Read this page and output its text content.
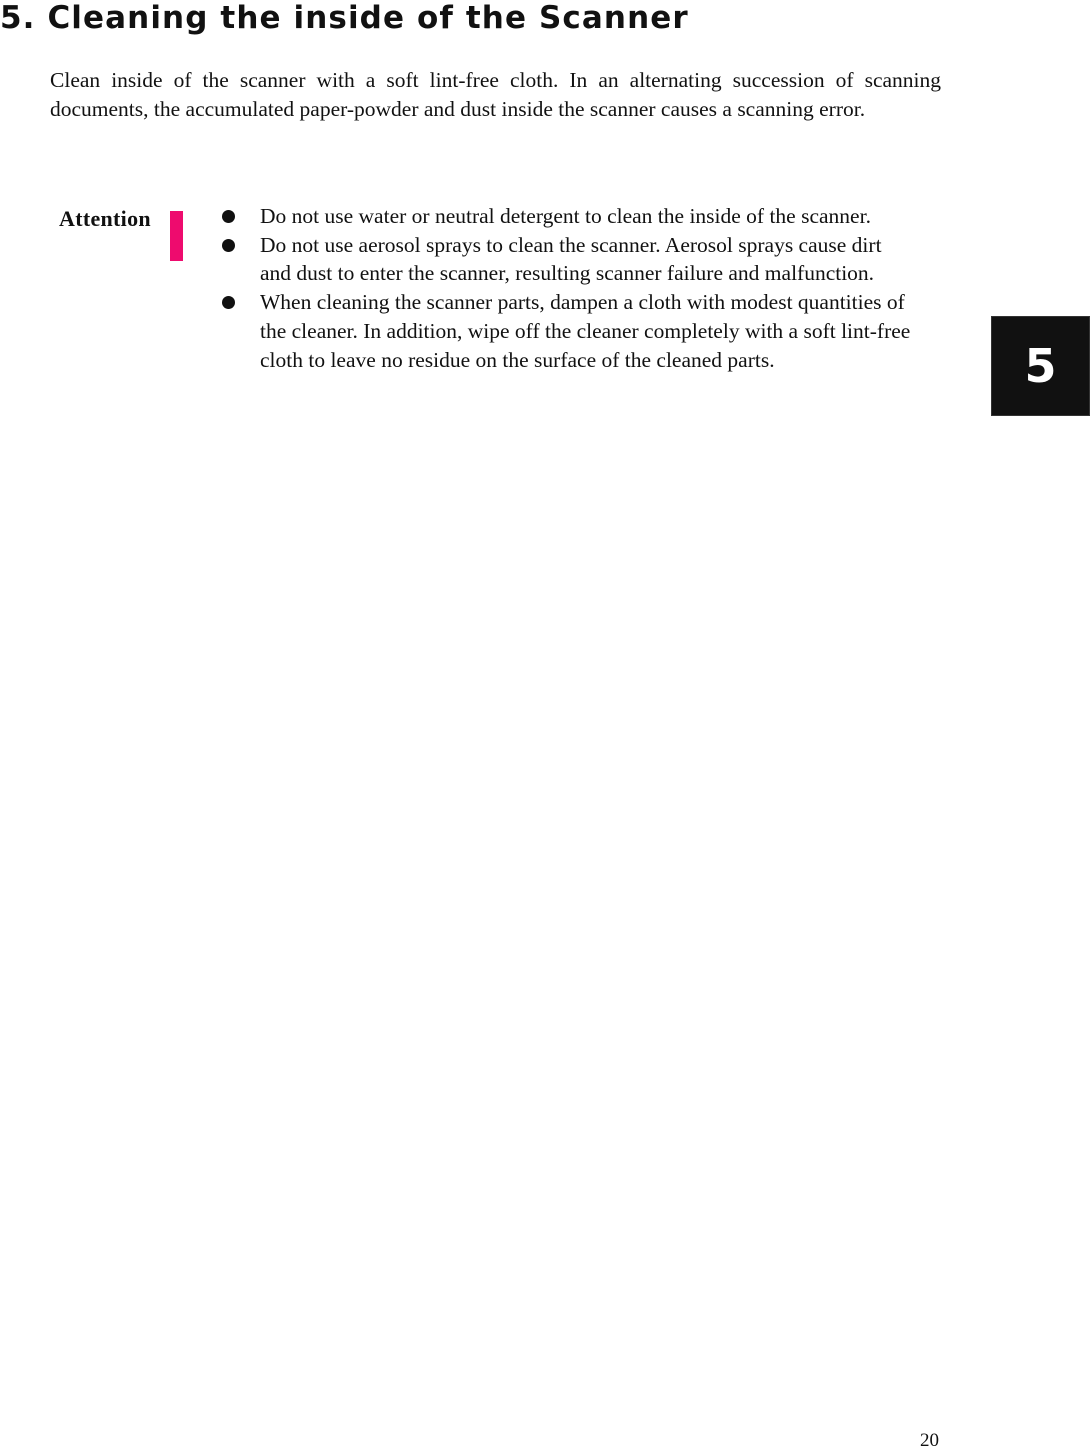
5. Cleaning the inside of the Scanner

Clean inside of the scanner with a soft lint-free cloth. In an alternating succession of scanning documents, the accumulated paper-powder and dust inside the scanner causes a scanning error.

Attention	Do not use water or neutral detergent to clean the inside of the scanner.
Do not use aerosol sprays to clean the scanner. Aerosol sprays cause dirt and dust to enter the scanner, resulting scanner failure and malfunction.
When cleaning the scanner parts, dampen a cloth with modest quantities of the cleaner. In addition, wipe off the cleaner completely with a soft lint-free cloth to leave no residue on the surface of the cleaned parts.	5
20
